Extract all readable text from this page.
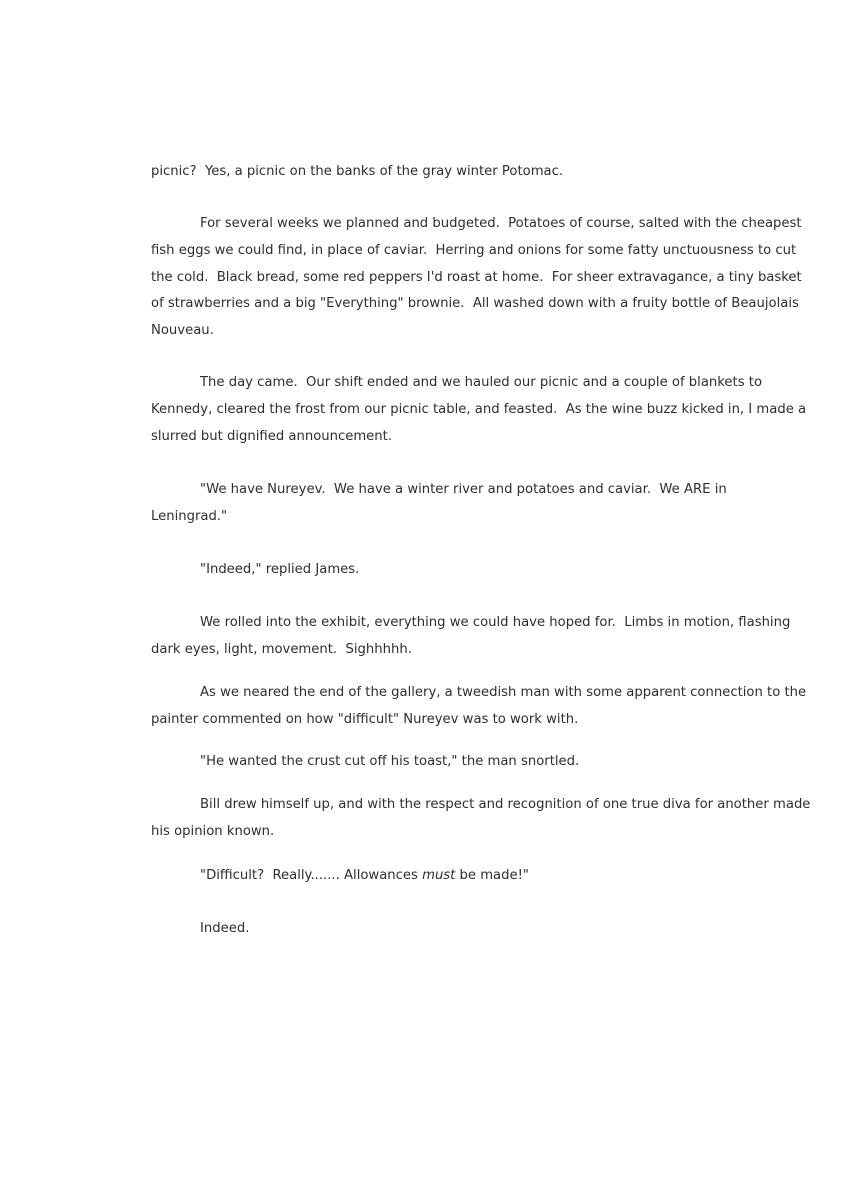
picnic?  Yes, a picnic on the banks of the gray winter Potomac.

For several weeks we planned and budgeted.  Potatoes of course, salted with the cheapest
fish eggs we could find, in place of caviar.  Herring and onions for some fatty unctuousness to cut
the cold.  Black bread, some red peppers I'd roast at home.  For sheer extravagance, a tiny basket
of strawberries and a big "Everything" brownie.  All washed down with a fruity bottle of Beaujolais
Nouveau.

The day came.  Our shift ended and we hauled our picnic and a couple of blankets to
Kennedy, cleared the frost from our picnic table, and feasted.  As the wine buzz kicked in, I made a
slurred but dignified announcement.

"We have Nureyev.  We have a winter river and potatoes and caviar.  We ARE in
Leningrad."

"Indeed," replied James.

We rolled into the exhibit, everything we could have hoped for.  Limbs in motion, flashing
dark eyes, light, movement.  Sighhhhh.

As we neared the end of the gallery, a tweedish man with some apparent connection to the
painter commented on how "difficult" Nureyev was to work with.

"He wanted the crust cut off his toast," the man snortled.

Bill drew himself up, and with the respect and recognition of one true diva for another made
his opinion known.

"Difficult?  Really....... Allowances must be made!"

Indeed.
